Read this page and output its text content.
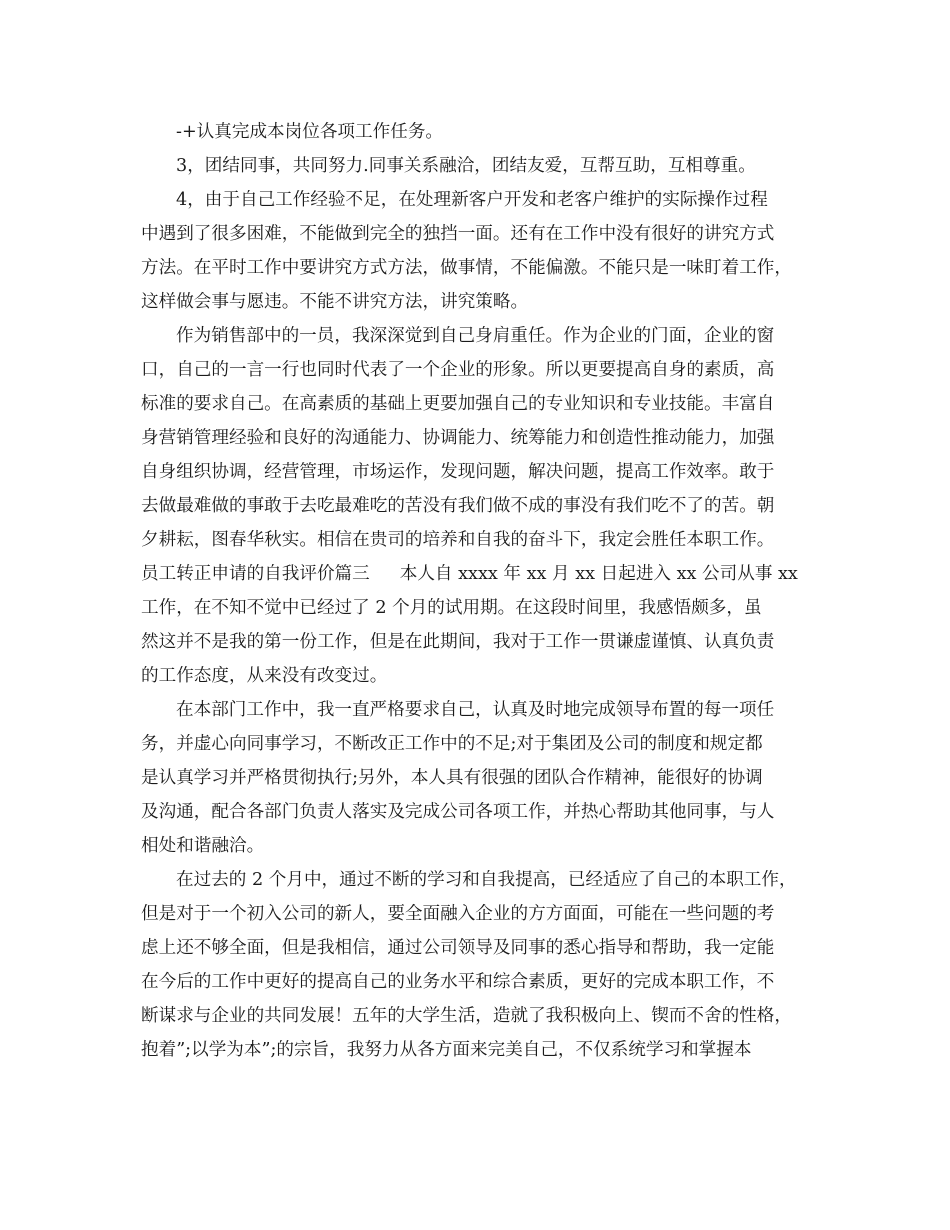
-+认真完成本岗位各项工作任务。
3，团结同事，共同努力.同事关系融洽，团结友爱，互帮互助，互相尊重。
4，由于自己工作经验不足，在处理新客户开发和老客户维护的实际操作过程
中遇到了很多困难，不能做到完全的独挡一面。还有在工作中没有很好的讲究方式
方法。在平时工作中要讲究方式方法，做事情，不能偏激。不能只是一味盯着工作，
这样做会事与愿违。不能不讲究方法，讲究策略。
作为销售部中的一员，我深深觉到自己身肩重任。作为企业的门面，企业的窗
口，自己的一言一行也同时代表了一个企业的形象。所以更要提高自身的素质，高
标准的要求自己。在高素质的基础上更要加强自己的专业知识和专业技能。丰富自
身营销管理经验和良好的沟通能力、协调能力、统筹能力和创造性推动能力，加强
自身组织协调，经营管理，市场运作，发现问题，解决问题，提高工作效率。敢于
去做最难做的事敢于去吃最难吃的苦没有我们做不成的事没有我们吃不了的苦。朝
夕耕耘，图春华秋实。相信在贵司的培养和自我的奋斗下，我定会胜任本职工作。
员工转正申请的自我评价篇三 本人自 xxxx 年 xx 月 xx 日起进入 xx 公司从事 xx
工作，在不知不觉中已经过了 2 个月的试用期。在这段时间里，我感悟颇多，虽
然这并不是我的第一份工作，但是在此期间，我对于工作一贯谦虚谨慎、认真负责
的工作态度，从来没有改变过。
在本部门工作中，我一直严格要求自己，认真及时地完成领导布置的每一项任
务，并虚心向同事学习，不断改正工作中的不足;对于集团及公司的制度和规定都
是认真学习并严格贯彻执行;另外，本人具有很强的团队合作精神，能很好的协调
及沟通，配合各部门负责人落实及完成公司各项工作，并热心帮助其他同事，与人
相处和谐融洽。
在过去的 2 个月中，通过不断的学习和自我提高，已经适应了自己的本职工作，
但是对于一个初入公司的新人，要全面融入企业的方方面面，可能在一些问题的考
虑上还不够全面，但是我相信，通过公司领导及同事的悉心指导和帮助，我一定能
在今后的工作中更好的提高自己的业务水平和综合素质，更好的完成本职工作，不
断谋求与企业的共同发展！五年的大学生活，造就了我积极向上、锲而不舍的性格，
抱着”;以学为本”;的宗旨，我努力从各方面来完美自己，不仅系统学习和掌握本
